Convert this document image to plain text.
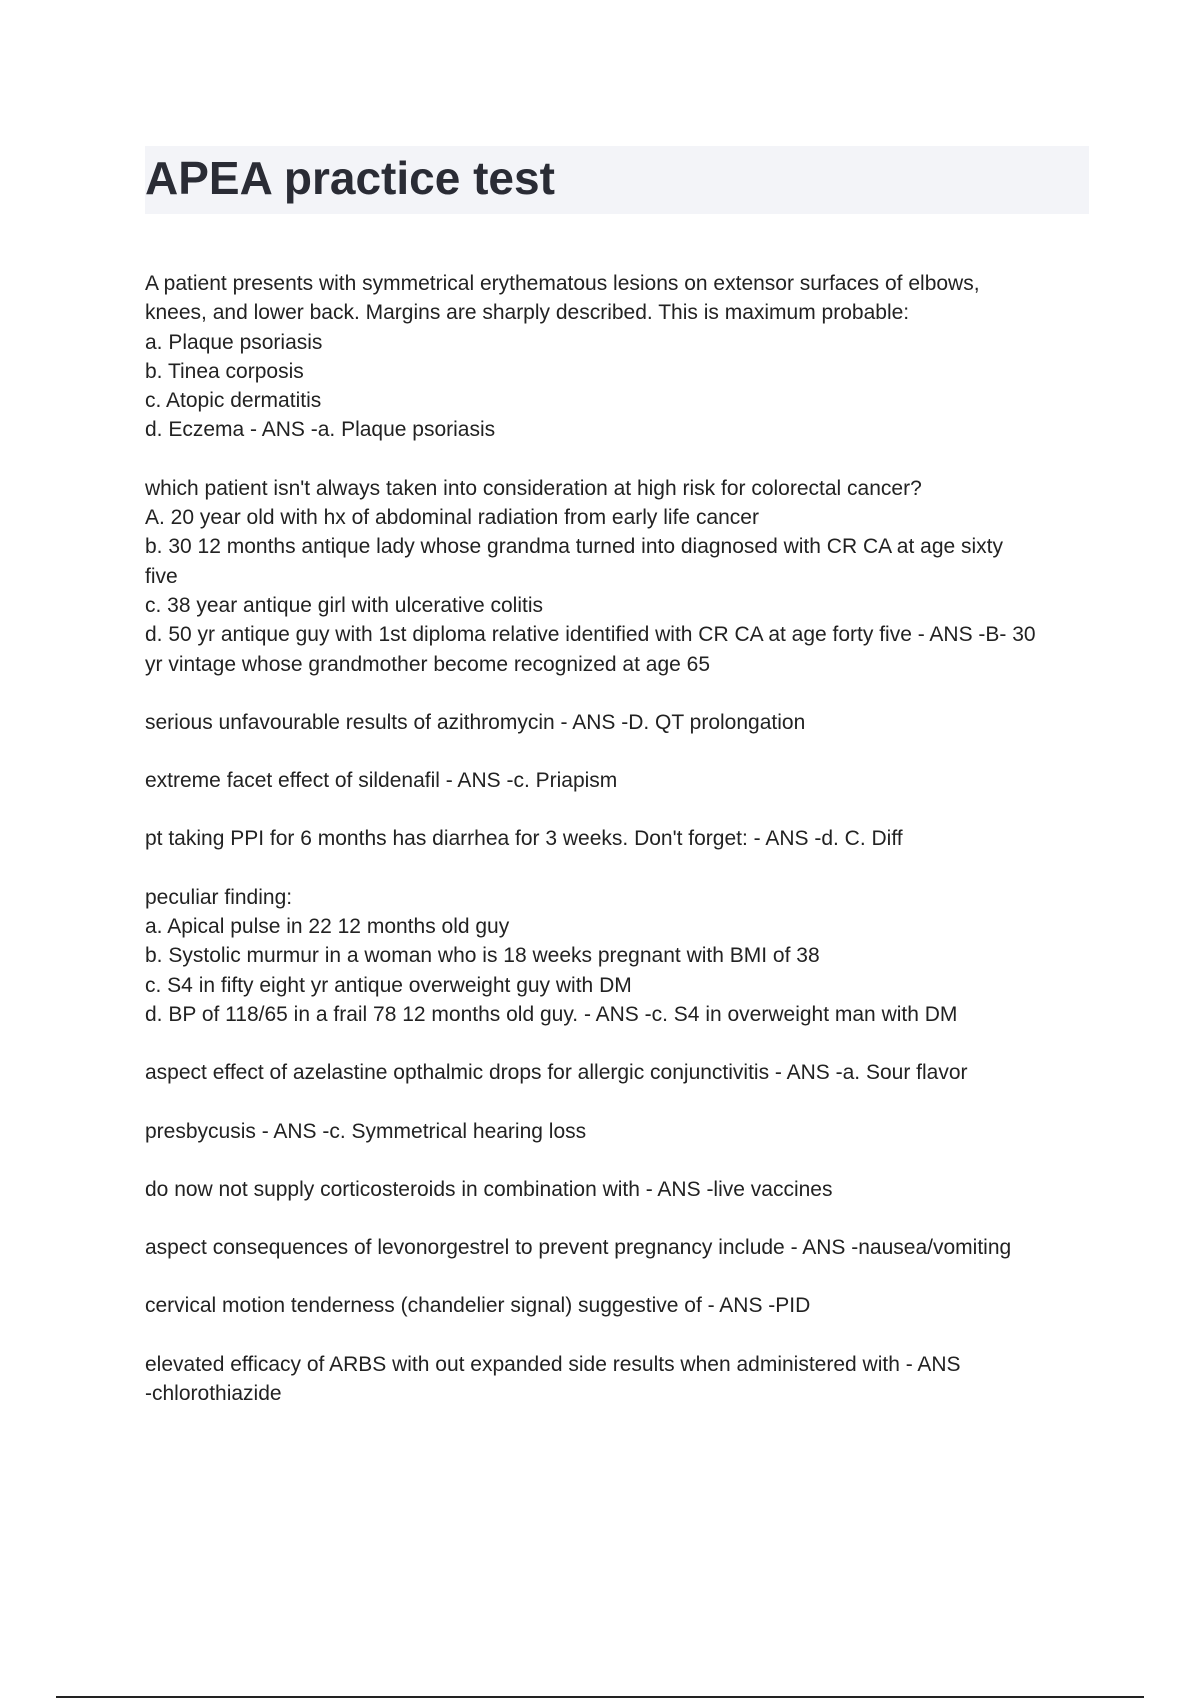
APEA practice test
A patient presents with symmetrical erythematous lesions on extensor surfaces of elbows,
knees, and lower back. Margins are sharply described. This is maximum probable:
a. Plaque psoriasis
b. Tinea corposis
c. Atopic dermatitis
d. Eczema - ANS -a. Plaque psoriasis
which patient isn't always taken into consideration at high risk for colorectal cancer?
A. 20 year old with hx of abdominal radiation from early life cancer
b. 30 12 months antique lady whose grandma turned into diagnosed with CR CA at age sixty
five
c. 38 year antique girl with ulcerative colitis
d. 50 yr antique guy with 1st diploma relative identified with CR CA at age forty five - ANS -B- 30
yr vintage whose grandmother become recognized at age 65
serious unfavourable results of azithromycin - ANS -D. QT prolongation
extreme facet effect of sildenafil - ANS -c. Priapism
pt taking PPI for 6 months has diarrhea for 3 weeks. Don't forget: - ANS -d. C. Diff
peculiar finding:
a. Apical pulse in 22 12 months old guy
b. Systolic murmur in a woman who is 18 weeks pregnant with BMI of 38
c. S4 in fifty eight yr antique overweight guy with DM
d. BP of 118/65 in a frail 78 12 months old guy. - ANS -c. S4 in overweight man with DM
aspect effect of azelastine opthalmic drops for allergic conjunctivitis - ANS -a. Sour flavor
presbycusis - ANS -c. Symmetrical hearing loss
do now not supply corticosteroids in combination with - ANS -live vaccines
aspect consequences of levonorgestrel to prevent pregnancy include - ANS -nausea/vomiting
cervical motion tenderness (chandelier signal) suggestive of - ANS -PID
elevated efficacy of ARBS with out expanded side results when administered with - ANS
-chlorothiazide
